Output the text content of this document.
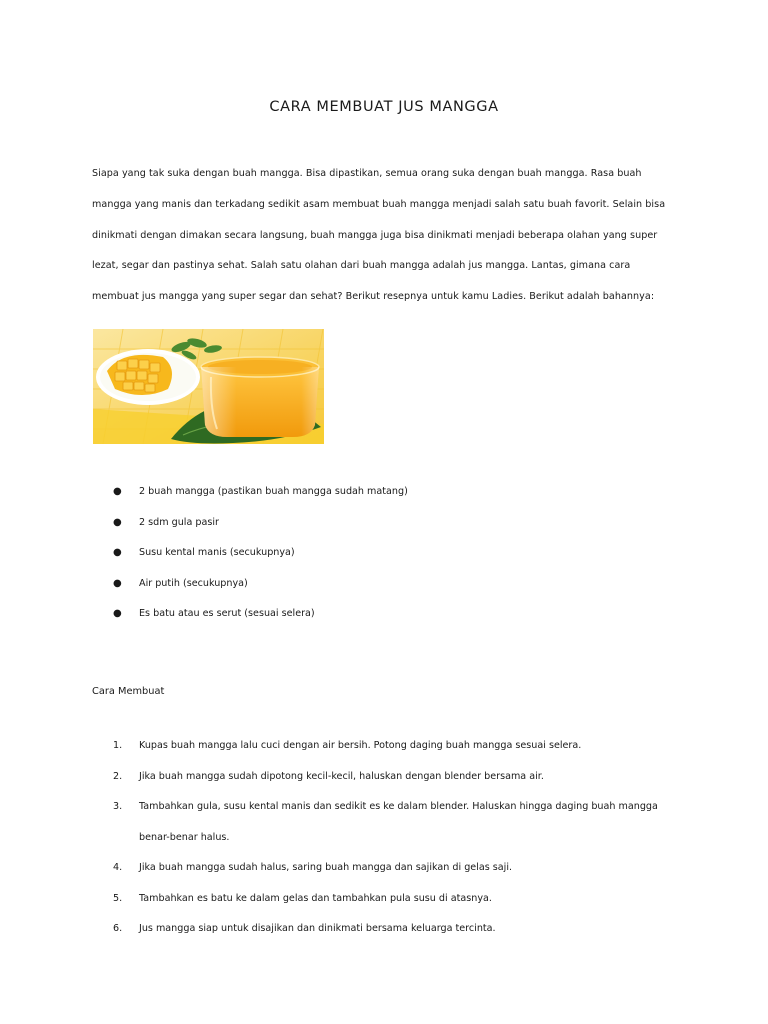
CARA MEMBUAT JUS MANGGA
Siapa yang tak suka dengan buah mangga. Bisa dipastikan, semua orang suka dengan buah mangga. Rasa buah mangga yang manis dan terkadang sedikit asam membuat buah mangga menjadi salah satu buah favorit. Selain bisa dinikmati dengan dimakan secara langsung, buah mangga juga bisa dinikmati menjadi beberapa olahan yang super lezat, segar dan pastinya sehat. Salah satu olahan dari buah mangga adalah jus mangga. Lantas, gimana cara membuat jus mangga yang super segar dan sehat? Berikut resepnya untuk kamu Ladies. Berikut adalah bahannya:
● 2 buah mangga (pastikan buah mangga sudah matang)
● 2 sdm gula pasir
● Susu kental manis (secukupnya)
● Air putih (secukupnya)
● Es batu atau es serut (sesuai selera)
Cara Membuat
1. Kupas buah mangga lalu cuci dengan air bersih. Potong daging buah mangga sesuai selera.
2. Jika buah mangga sudah dipotong kecil-kecil, haluskan dengan blender bersama air.
3. Tambahkan gula, susu kental manis dan sedikit es ke dalam blender. Haluskan hingga daging buah mangga benar-benar halus.
4. Jika buah mangga sudah halus, saring buah mangga dan sajikan di gelas saji.
5. Tambahkan es batu ke dalam gelas dan tambahkan pula susu di atasnya.
6. Jus mangga siap untuk disajikan dan dinikmati bersama keluarga tercinta.
